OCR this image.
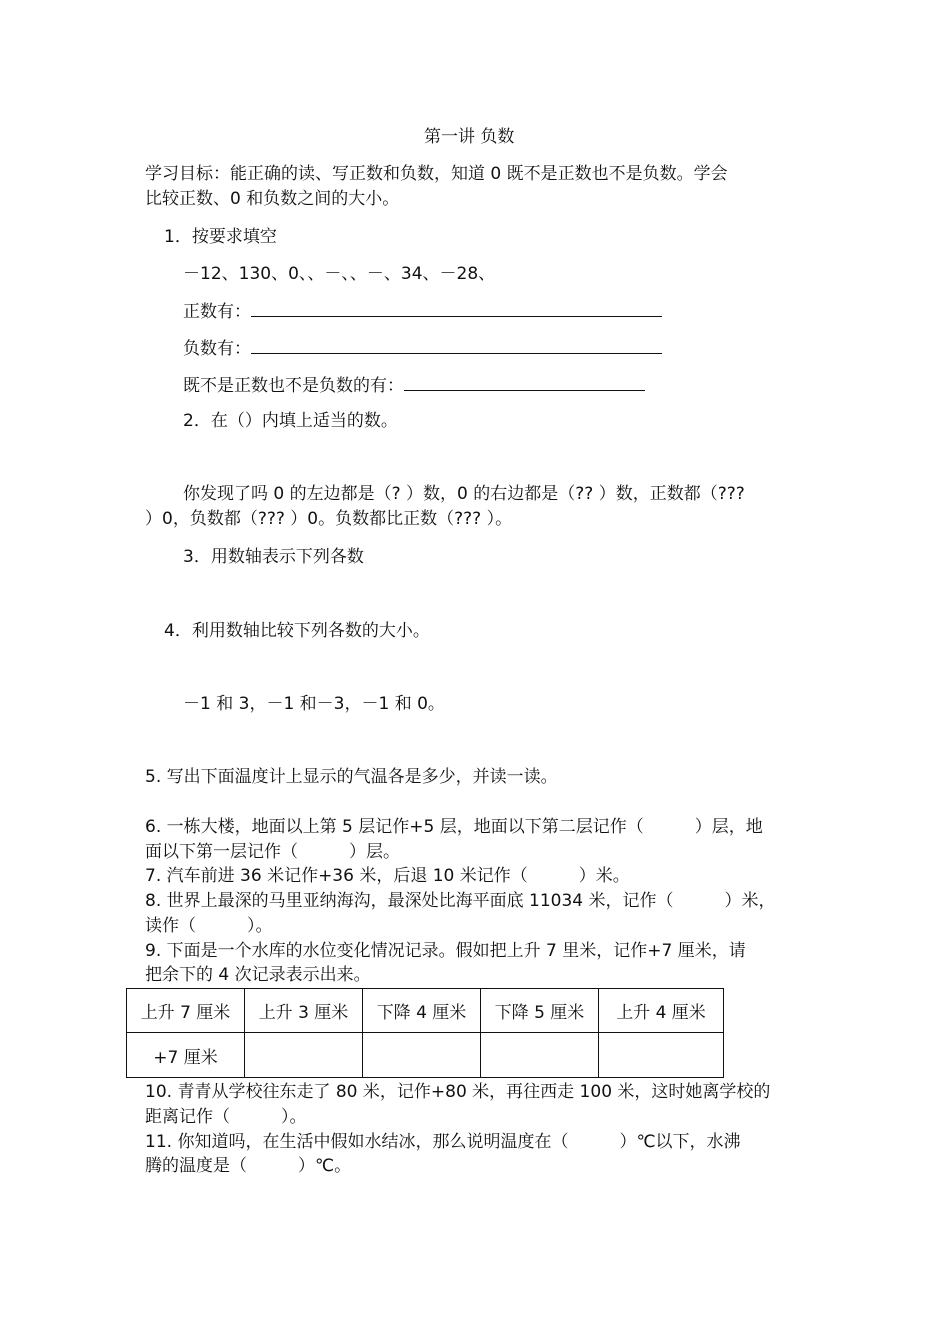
第一讲 负数
学习目标：能正确的读、写正数和负数，知道 0 既不是正数也不是负数。学会
比较正数、0 和负数之间的大小。
1．按要求填空
－12、130、0、、－、、－、34、－28、
正数有：
负数有：
既不是正数也不是负数的有：
2．在（）内填上适当的数。
你发现了吗 0 的左边都是（? ）数，0 的右边都是（?? ）数，正数都（???
）0，负数都（??? ）0。负数都比正数（??? ）。
3．用数轴表示下列各数
4．利用数轴比较下列各数的大小。
－1 和 3，－1 和－3，－1 和 0。
5. 写出下面温度计上显示的气温各是多少，并读一读。
6. 一栋大楼，地面以上第 5 层记作+5 层，地面以下第二层记作（　　　）层，地
面以下第一层记作（　　　）层。
7. 汽车前进 36 米记作+36 米，后退 10 米记作（　　　）米。
8. 世界上最深的马里亚纳海沟，最深处比海平面底 11034 米，记作（　　　）米，
读作（　　　）。
9. 下面是一个水库的水位变化情况记录。假如把上升 7 里米，记作+7 厘米，请
把余下的 4 次记录表示出来。
上升 7 厘米	上升 3 厘米	下降 4 厘米	下降 5 厘米	上升 4 厘米
+7 厘米				
10. 青青从学校往东走了 80 米，记作+80 米，再往西走 100 米，这时她离学校的
距离记作（　　　）。
11. 你知道吗，在生活中假如水结冰，那么说明温度在（　　　）℃以下，水沸
腾的温度是（　　　）℃。
